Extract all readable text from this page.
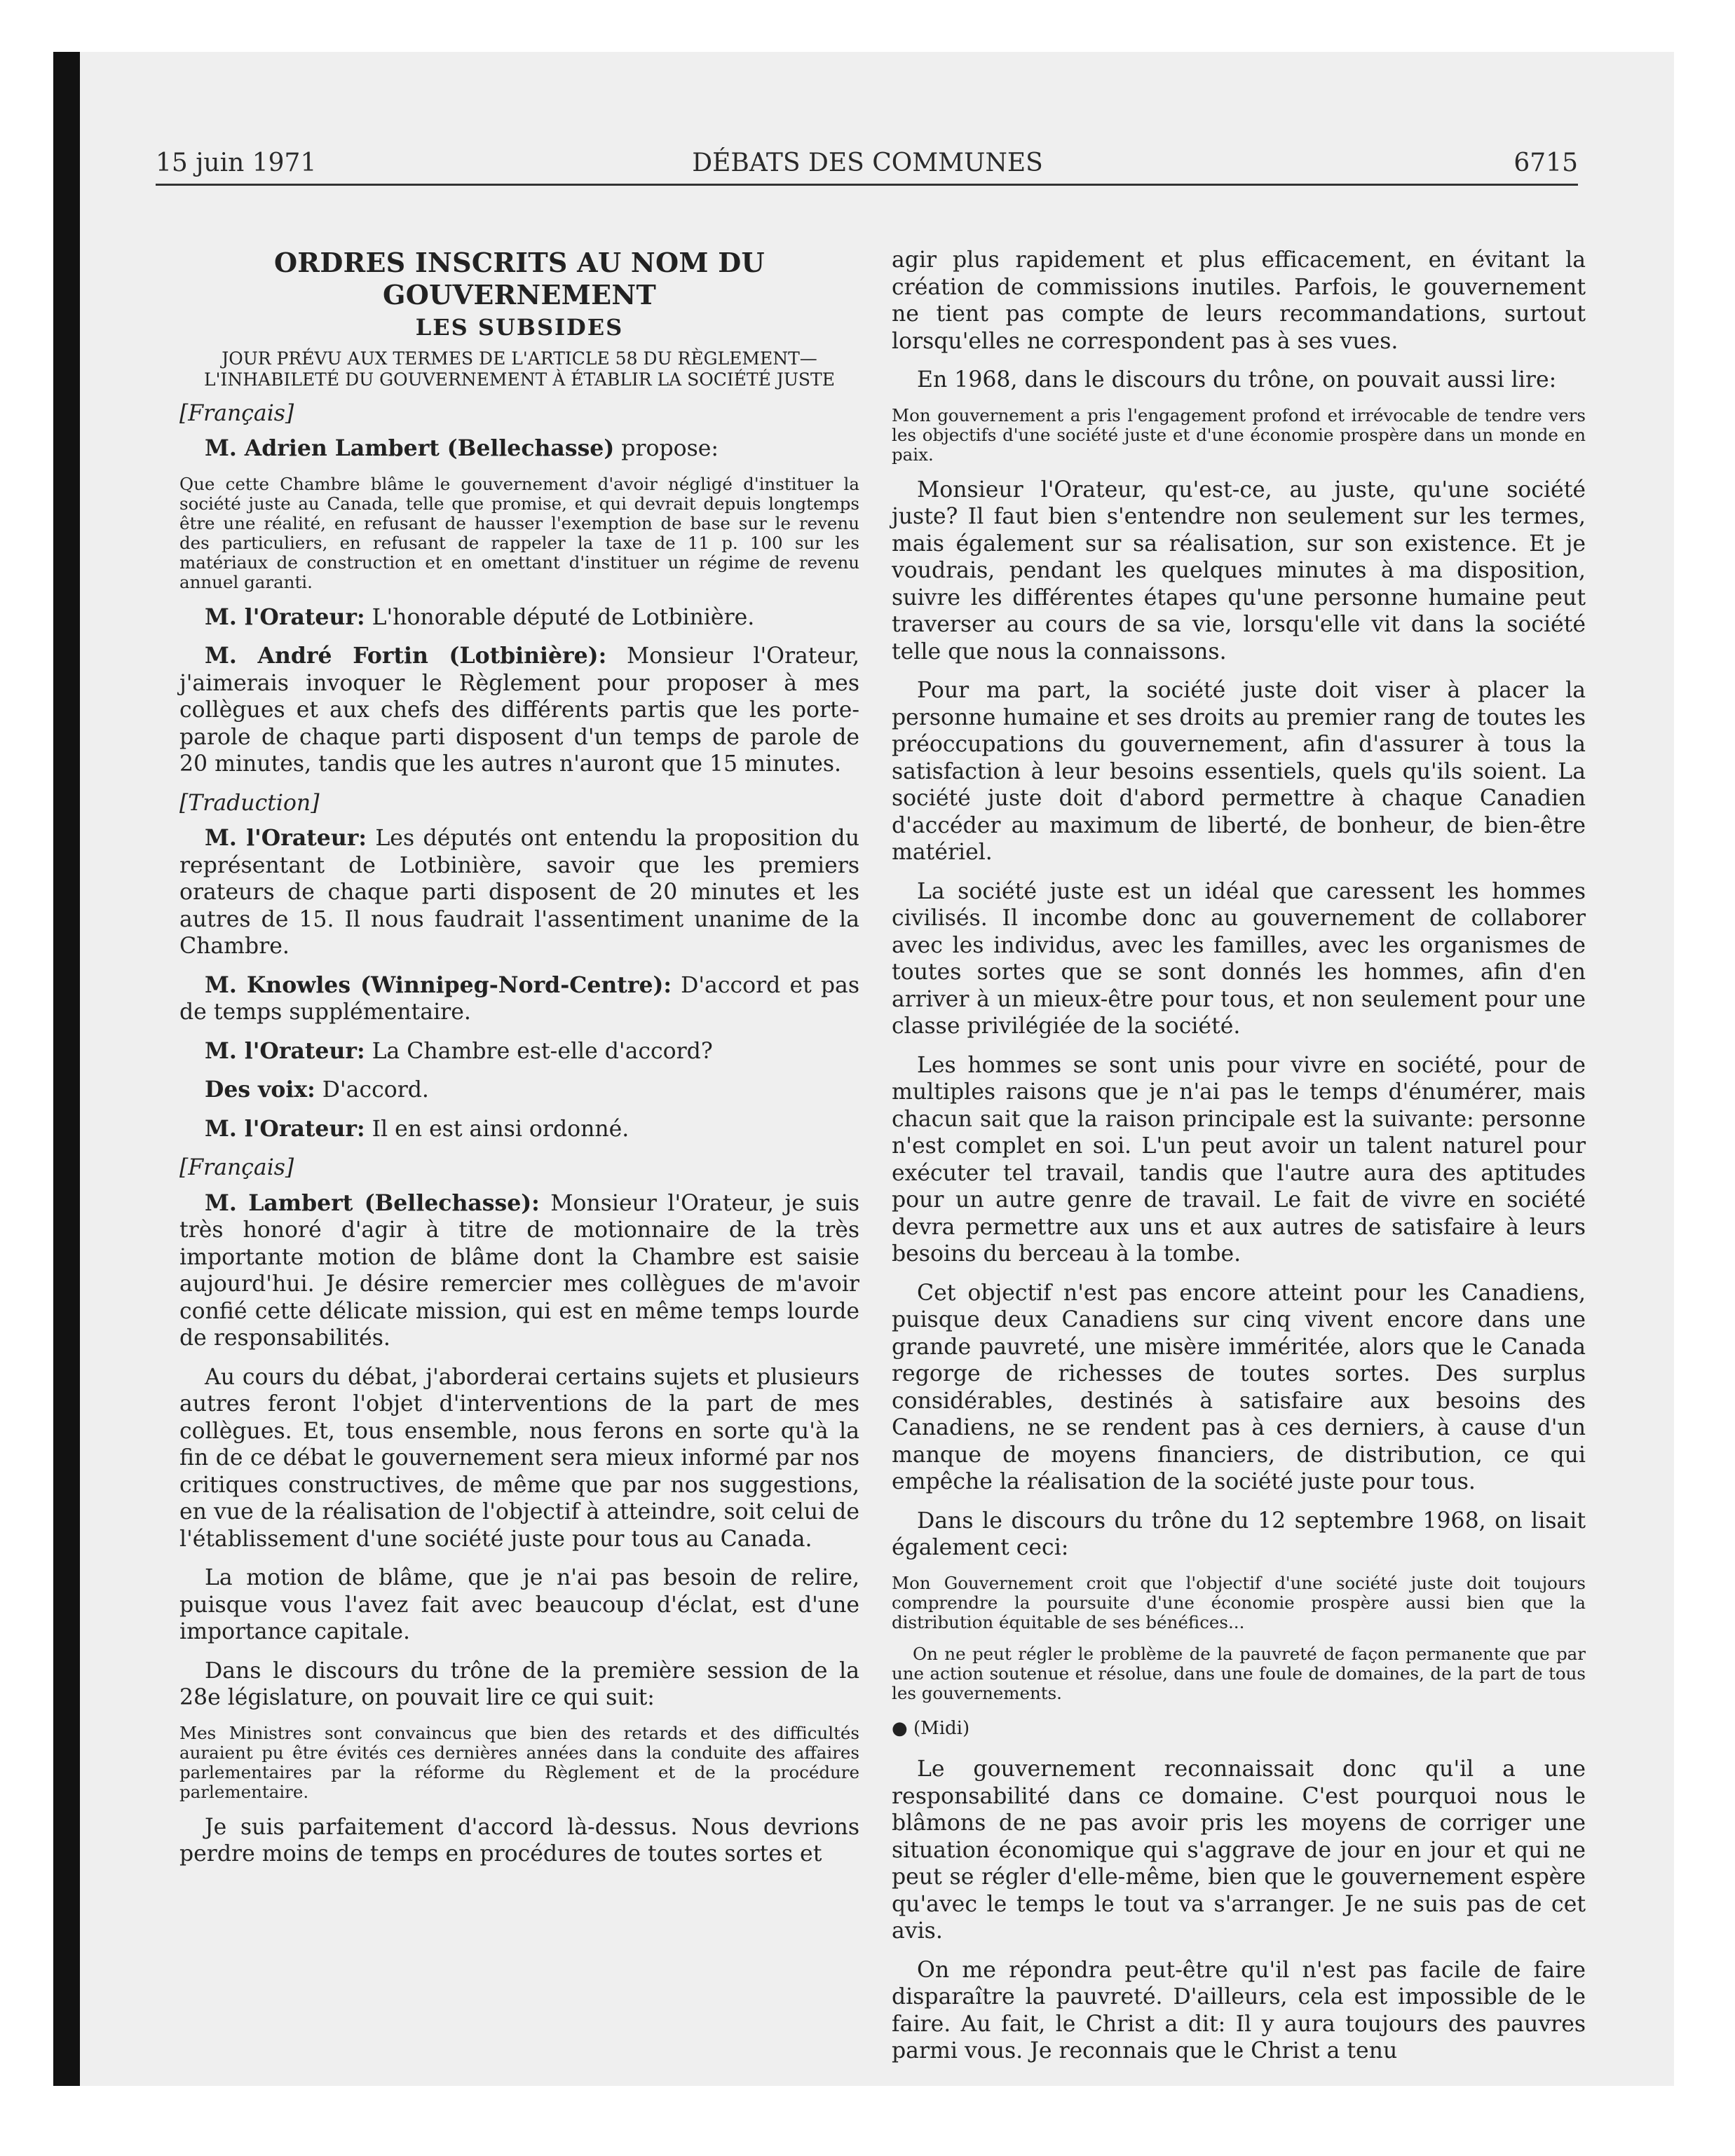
15 juin 1971	DÉBATS DES COMMUNES	6715
ORDRES INSCRITS AU NOM DU GOUVERNEMENT
LES SUBSIDES
JOUR PRÉVU AUX TERMES DE L'ARTICLE 58 DU RÈGLEMENT—L'INHABILETÉ DU GOUVERNEMENT À ÉTABLIR LA SOCIÉTÉ JUSTE
[Français]

M. Adrien Lambert (Bellechasse) propose:

Que cette Chambre blâme le gouvernement d'avoir négligé d'instituer la société juste au Canada, telle que promise, et qui devrait depuis longtemps être une réalité, en refusant de hausser l'exemption de base sur le revenu des particuliers, en refusant de rappeler la taxe de 11 p. 100 sur les matériaux de construction et en omettant d'instituer un régime de revenu annuel garanti.

M. l'Orateur: L'honorable député de Lotbinière.

M. André Fortin (Lotbinière): Monsieur l'Orateur, j'aimerais invoquer le Règlement pour proposer à mes collègues et aux chefs des différents partis que les porte-parole de chaque parti disposent d'un temps de parole de 20 minutes, tandis que les autres n'auront que 15 minutes.

[Traduction]

M. l'Orateur: Les députés ont entendu la proposition du représentant de Lotbinière, savoir que les premiers orateurs de chaque parti disposent de 20 minutes et les autres de 15. Il nous faudrait l'assentiment unanime de la Chambre.

M. Knowles (Winnipeg-Nord-Centre): D'accord et pas de temps supplémentaire.

M. l'Orateur: La Chambre est-elle d'accord?

Des voix: D'accord.

M. l'Orateur: Il en est ainsi ordonné.

[Français]

M. Lambert (Bellechasse): Monsieur l'Orateur, je suis très honoré d'agir à titre de motionnaire de la très importante motion de blâme dont la Chambre est saisie aujourd'hui. Je désire remercier mes collègues de m'avoir confié cette délicate mission, qui est en même temps lourde de responsabilités.

Au cours du débat, j'aborderai certains sujets et plusieurs autres feront l'objet d'interventions de la part de mes collègues. Et, tous ensemble, nous ferons en sorte qu'à la fin de ce débat le gouvernement sera mieux informé par nos critiques constructives, de même que par nos suggestions, en vue de la réalisation de l'objectif à atteindre, soit celui de l'établissement d'une société juste pour tous au Canada.

La motion de blâme, que je n'ai pas besoin de relire, puisque vous l'avez fait avec beaucoup d'éclat, est d'une importance capitale.

Dans le discours du trône de la première session de la 28e législature, on pouvait lire ce qui suit:

Mes Ministres sont convaincus que bien des retards et des difficultés auraient pu être évités ces dernières années dans la conduite des affaires parlementaires par la réforme du Règlement et de la procédure parlementaire.

Je suis parfaitement d'accord là-dessus. Nous devrions perdre moins de temps en procédures de toutes sortes et

agir plus rapidement et plus efficacement, en évitant la création de commissions inutiles. Parfois, le gouvernement ne tient pas compte de leurs recommandations, surtout lorsqu'elles ne correspondent pas à ses vues.

En 1968, dans le discours du trône, on pouvait aussi lire:

Mon gouvernement a pris l'engagement profond et irrévocable de tendre vers les objectifs d'une société juste et d'une économie prospère dans un monde en paix.

Monsieur l'Orateur, qu'est-ce, au juste, qu'une société juste? Il faut bien s'entendre non seulement sur les termes, mais également sur sa réalisation, sur son existence. Et je voudrais, pendant les quelques minutes à ma disposition, suivre les différentes étapes qu'une personne humaine peut traverser au cours de sa vie, lorsqu'elle vit dans la société telle que nous la connaissons.

Pour ma part, la société juste doit viser à placer la personne humaine et ses droits au premier rang de toutes les préoccupations du gouvernement, afin d'assurer à tous la satisfaction à leur besoins essentiels, quels qu'ils soient. La société juste doit d'abord permettre à chaque Canadien d'accéder au maximum de liberté, de bonheur, de bien-être matériel.

La société juste est un idéal que caressent les hommes civilisés. Il incombe donc au gouvernement de collaborer avec les individus, avec les familles, avec les organismes de toutes sortes que se sont donnés les hommes, afin d'en arriver à un mieux-être pour tous, et non seulement pour une classe privilégiée de la société.

Les hommes se sont unis pour vivre en société, pour de multiples raisons que je n'ai pas le temps d'énumérer, mais chacun sait que la raison principale est la suivante: personne n'est complet en soi. L'un peut avoir un talent naturel pour exécuter tel travail, tandis que l'autre aura des aptitudes pour un autre genre de travail. Le fait de vivre en société devra permettre aux uns et aux autres de satisfaire à leurs besoins du berceau à la tombe.

Cet objectif n'est pas encore atteint pour les Canadiens, puisque deux Canadiens sur cinq vivent encore dans une grande pauvreté, une misère imméritée, alors que le Canada regorge de richesses de toutes sortes. Des surplus considérables, destinés à satisfaire aux besoins des Canadiens, ne se rendent pas à ces derniers, à cause d'un manque de moyens financiers, de distribution, ce qui empêche la réalisation de la société juste pour tous.

Dans le discours du trône du 12 septembre 1968, on lisait également ceci:

Mon Gouvernement croit que l'objectif d'une société juste doit toujours comprendre la poursuite d'une économie prospère aussi bien que la distribution équitable de ses bénéfices...
On ne peut régler le problème de la pauvreté de façon permanente que par une action soutenue et résolue, dans une foule de domaines, de la part de tous les gouvernements.
● (Midi)

Le gouvernement reconnaissait donc qu'il a une responsabilité dans ce domaine. C'est pourquoi nous le blâmons de ne pas avoir pris les moyens de corriger une situation économique qui s'aggrave de jour en jour et qui ne peut se régler d'elle-même, bien que le gouvernement espère qu'avec le temps le tout va s'arranger. Je ne suis pas de cet avis.

On me répondra peut-être qu'il n'est pas facile de faire disparaître la pauvreté. D'ailleurs, cela est impossible de le faire. Au fait, le Christ a dit: Il y aura toujours des pauvres parmi vous. Je reconnais que le Christ a tenu
